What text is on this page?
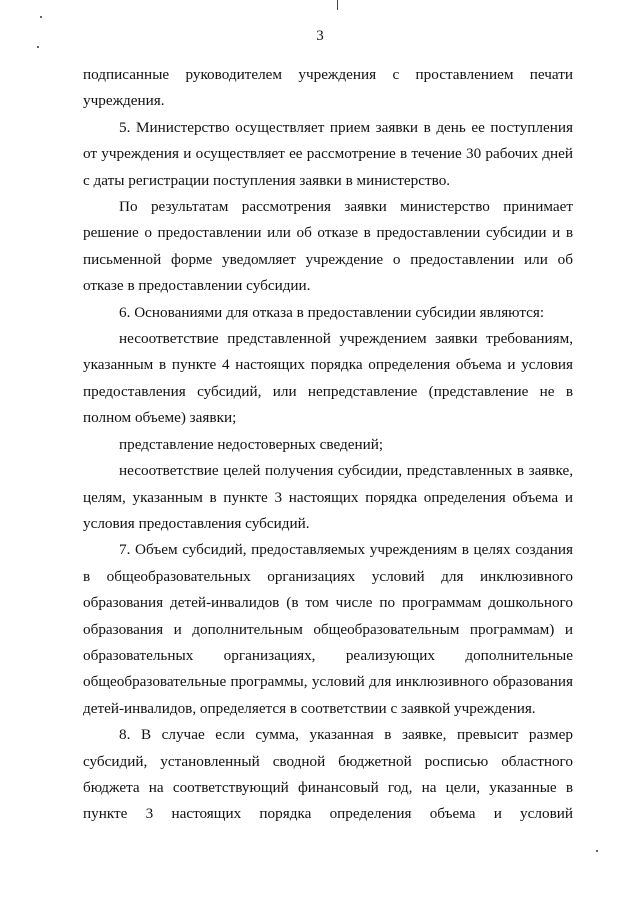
3

подписанные руководителем учреждения с проставлением печати учреждения.

5. Министерство осуществляет прием заявки в день ее поступления от учреждения и осуществляет ее рассмотрение в течение 30 рабочих дней с даты регистрации поступления заявки в министерство.

По результатам рассмотрения заявки министерство принимает решение о предоставлении или об отказе в предоставлении субсидии и в письменной форме уведомляет учреждение о предоставлении или об отказе в предоставлении субсидии.

6. Основаниями для отказа в предоставлении субсидии являются:

несоответствие представленной учреждением заявки требованиям, указанным в пункте 4 настоящих порядка определения объема и условия предоставления субсидий, или непредставление (представление не в полном объеме) заявки;

представление недостоверных сведений;

несоответствие целей получения субсидии, представленных в заявке, целям, указанным в пункте 3 настоящих порядка определения объема и условия предоставления субсидий.

7. Объем субсидий, предоставляемых учреждениям в целях создания в общеобразовательных организациях условий для инклюзивного образования детей-инвалидов (в том числе по программам дошкольного образования и дополнительным общеобразовательным программам) и образовательных организациях, реализующих дополнительные общеобразовательные программы, условий для инклюзивного образования детей-инвалидов, определяется в соответствии с заявкой учреждения.

8. В случае если сумма, указанная в заявке, превысит размер субсидий, установленный сводной бюджетной росписью областного бюджета на соответствующий финансовый год, на цели, указанные в пункте 3 настоящих порядка определения объема и условий
